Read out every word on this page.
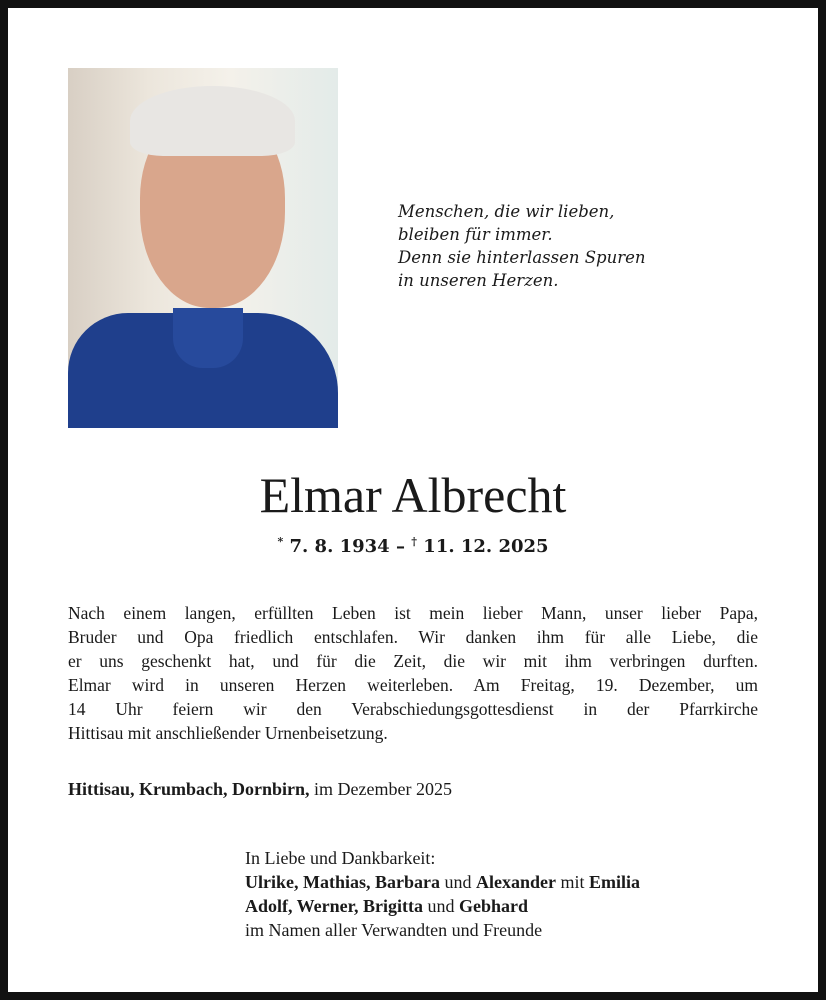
Menschen, die wir lieben,
bleiben für immer.
Denn sie hinterlassen Spuren
in unseren Herzen.
Elmar Albrecht
* 7. 8. 1934 – † 11. 12. 2025
Nach einem langen, erfüllten Leben ist mein lieber Mann, unser lieber Papa,
Bruder und Opa friedlich entschlafen. Wir danken ihm für alle Liebe, die
er uns geschenkt hat, und für die Zeit, die wir mit ihm verbringen durften.
Elmar wird in unseren Herzen weiterleben. Am Freitag, 19. Dezember, um
14 Uhr feiern wir den Verabschiedungsgottesdienst in der Pfarrkirche
Hittisau mit anschließender Urnenbeisetzung.
Hittisau, Krumbach, Dornbirn, im Dezember 2025
In Liebe und Dankbarkeit:
Ulrike, Mathias, Barbara und Alexander mit Emilia
Adolf, Werner, Brigitta und Gebhard
im Namen aller Verwandten und Freunde
